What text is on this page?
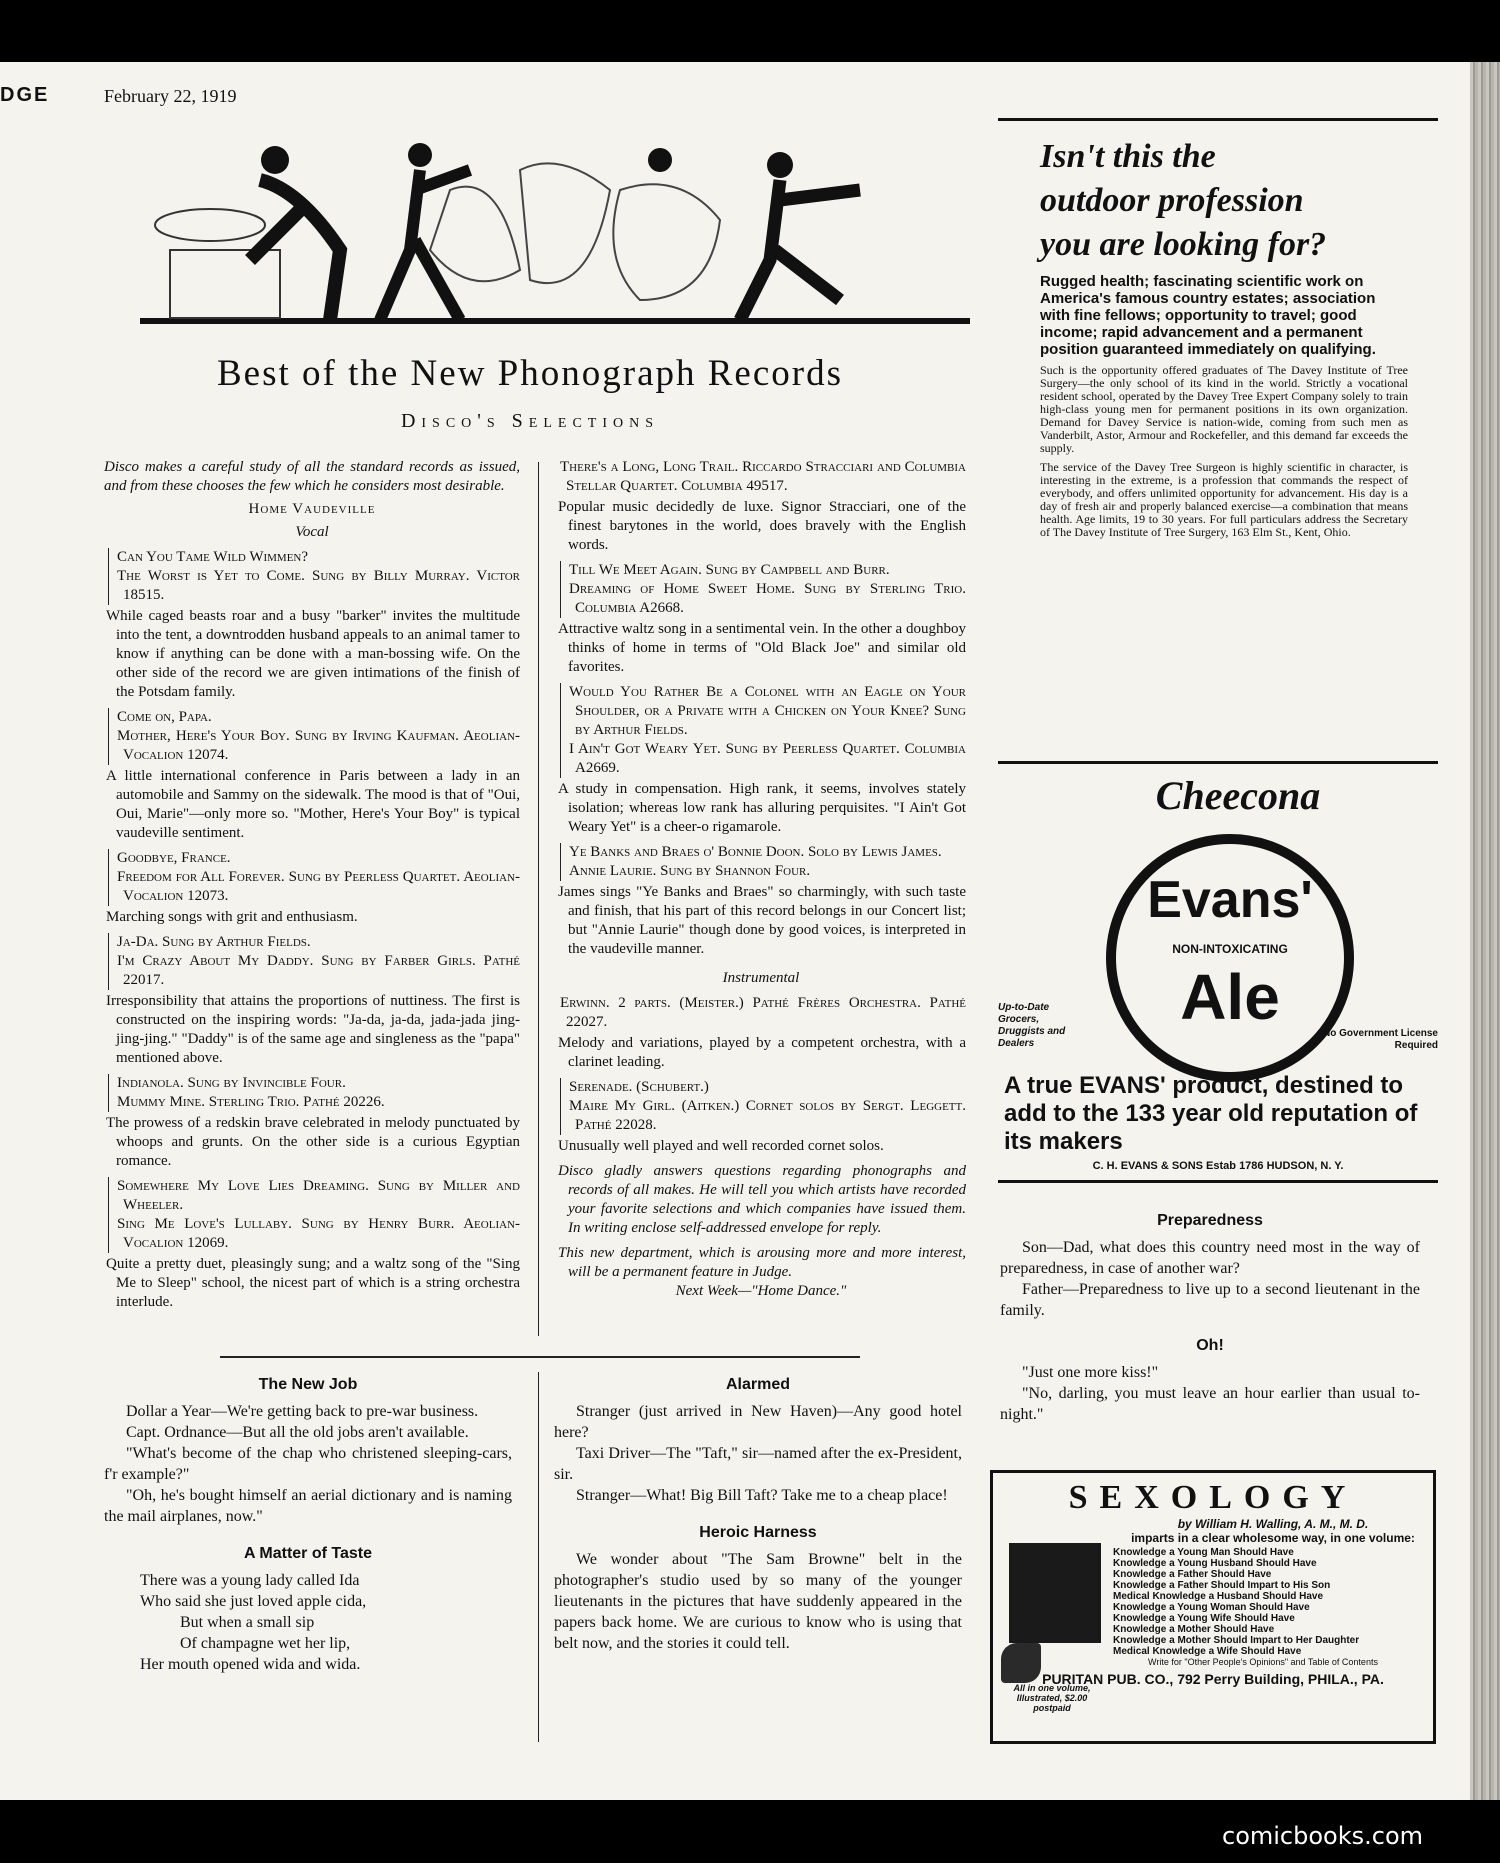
DGE	February 22, 1919
Best of the New Phonograph Records
Disco's Selections

Disco makes a careful study of all the standard records as issued, and from these chooses the few which he considers most desirable.

Home Vaudeville

Vocal

Can You Tame Wild Wimmen?
The Worst is Yet to Come. Sung by Billy Murray. Victor 18515.
While caged beasts roar and a busy "barker" invites the multitude into the tent, a downtrodden husband appeals to an animal tamer to know if anything can be done with a man-bossing wife. On the other side of the record we are given intimations of the finish of the Potsdam family.
Come on, Papa.
Mother, Here's Your Boy. Sung by Irving Kaufman. Aeolian-Vocalion 12074.
A little international conference in Paris between a lady in an automobile and Sammy on the sidewalk. The mood is that of "Oui, Oui, Marie"—only more so. "Mother, Here's Your Boy" is typical vaudeville sentiment.
Goodbye, France.
Freedom for All Forever. Sung by Peerless Quartet. Aeolian-Vocalion 12073.
Marching songs with grit and enthusiasm.
Ja-Da. Sung by Arthur Fields.
I'm Crazy About My Daddy. Sung by Farber Girls. Pathé 22017.
Irresponsibility that attains the proportions of nuttiness. The first is constructed on the inspiring words: "Ja-da, ja-da, jada-jada jing-jing-jing." "Daddy" is of the same age and singleness as the "papa" mentioned above.
Indianola. Sung by Invincible Four.
Mummy Mine. Sterling Trio. Pathé 20226.
The prowess of a redskin brave celebrated in melody punctuated by whoops and grunts. On the other side is a curious Egyptian romance.
Somewhere My Love Lies Dreaming. Sung by Miller and Wheeler.
Sing Me Love's Lullaby. Sung by Henry Burr. Aeolian-Vocalion 12069.
Quite a pretty duet, pleasingly sung; and a waltz song of the "Sing Me to Sleep" school, the nicest part of which is a string orchestra interlude.
There's a Long, Long Trail. Riccardo Stracciari and Columbia Stellar Quartet. Columbia 49517.
Popular music decidedly de luxe. Signor Stracciari, one of the finest barytones in the world, does bravely with the English words.
Till We Meet Again. Sung by Campbell and Burr.
Dreaming of Home Sweet Home. Sung by Sterling Trio. Columbia A2668.
Attractive waltz song in a sentimental vein. In the other a doughboy thinks of home in terms of "Old Black Joe" and similar old favorites.
Would You Rather Be a Colonel with an Eagle on Your Shoulder, or a Private with a Chicken on Your Knee? Sung by Arthur Fields.
I Ain't Got Weary Yet. Sung by Peerless Quartet. Columbia A2669.
A study in compensation. High rank, it seems, involves stately isolation; whereas low rank has alluring perquisites. "I Ain't Got Weary Yet" is a cheer-o rigamarole.
Ye Banks and Braes o' Bonnie Doon. Solo by Lewis James.
Annie Laurie. Sung by Shannon Four.
James sings "Ye Banks and Braes" so charmingly, with such taste and finish, that his part of this record belongs in our Concert list; but "Annie Laurie" though done by good voices, is interpreted in the vaudeville manner.

Instrumental

Erwinn. 2 parts. (Meister.) Pathé Frères Orchestra. Pathé 22027.
Melody and variations, played by a competent orchestra, with a clarinet leading.
Serenade. (Schubert.)
Maire My Girl. (Aitken.) Cornet solos by Sergt. Leggett. Pathé 22028.
Unusually well played and well recorded cornet solos.
Disco gladly answers questions regarding phonographs and records of all makes. He will tell you which artists have recorded your favorite selections and which companies have issued them. In writing enclose self-addressed envelope for reply.
This new department, which is arousing more and more interest, will be a permanent feature in Judge.
Next Week—"Home Dance."
The New Job

Dollar a Year—We're getting back to pre-war business.

Capt. Ordnance—But all the old jobs aren't available.

"What's become of the chap who christened sleeping-cars, f'r example?"

"Oh, he's bought himself an aerial dictionary and is naming the mail airplanes, now."

A Matter of Taste
There was a young lady called Ida
Who said she just loved apple cida,
But when a small sip
Of champagne wet her lip,
Her mouth opened wida and wida.
Alarmed

Stranger (just arrived in New Haven)—Any good hotel here?

Taxi Driver—The "Taft," sir—named after the ex-President, sir.

Stranger—What! Big Bill Taft? Take me to a cheap place!

Heroic Harness

We wonder about "The Sam Browne" belt in the photographer's studio used by so many of the younger lieutenants in the pictures that have suddenly appeared in the papers back home. We are curious to know who is using that belt now, and the stories it could tell.

Isn't this the
outdoor profession
you are looking for?
Rugged health; fascinating scientific work on America's famous country estates; association with fine fellows; opportunity to travel; good income; rapid advancement and a permanent position guaranteed immediately on qualifying.
Such is the opportunity offered graduates of The Davey Institute of Tree Surgery—the only school of its kind in the world. Strictly a vocational resident school, operated by the Davey Tree Expert Company solely to train high-class young men for permanent positions in its own organization. Demand for Davey Service is nation-wide, coming from such men as Vanderbilt, Astor, Armour and Rockefeller, and this demand far exceeds the supply.
The service of the Davey Tree Surgeon is highly scientific in character, is interesting in the extreme, is a profession that commands the respect of everybody, and offers unlimited opportunity for advancement. His day is a day of fresh air and properly balanced exercise—a combination that means health. Age limits, 19 to 30 years. For full particulars address the Secretary of The Davey Institute of Tree Surgery, 163 Elm St., Kent, Ohio.
Cheecona
Evans'
NON-INTOXICATING
Ale
Up-to-Date Grocers, Druggists and Dealers
No Government License Required
A true EVANS' product, destined to add to the 133 year old reputation of its makers
C. H. EVANS & SONS Estab 1786 HUDSON, N. Y.
Preparedness

Son—Dad, what does this country need most in the way of preparedness, in case of another war?

Father—Preparedness to live up to a second lieutenant in the family.

Oh!

"Just one more kiss!"

"No, darling, you must leave an hour earlier than usual to-night."

SEXOLOGY
by William H. Walling, A. M., M. D.
imparts in a clear wholesome way, in one volume:
Knowledge a Young Man Should Have
Knowledge a Young Husband Should Have
Knowledge a Father Should Have
Knowledge a Father Should Impart to His Son
Medical Knowledge a Husband Should Have
Knowledge a Young Woman Should Have
Knowledge a Young Wife Should Have
Knowledge a Mother Should Have
Knowledge a Mother Should Impart to Her Daughter
Medical Knowledge a Wife Should Have
All in one volume, Illustrated, $2.00 postpaid
Write for "Other People's Opinions" and Table of Contents
PURITAN PUB. CO., 792 Perry Building, PHILA., PA.
comicbooks.com
